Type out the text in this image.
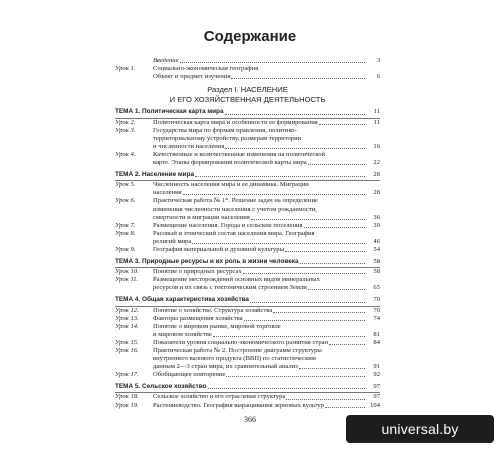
Содержание
Введение	3
Урок 1.	Социально-экономическая география.
Объект и предмет изучения	6
Раздел I. НАСЕЛЕНИЕ
И ЕГО ХОЗЯЙСТВЕННАЯ ДЕЯТЕЛЬНОСТЬ
ТЕМА 1. Политическая карта мира	11
Урок 2.	Политическая карта мира и особенности ее формирования	11
Урок 3.	Государства мира по формам правления, политико-
территориальному устройству, размерам территории
и численности населения	16
Урок 4.	Качественные и количественные изменения на политической
карте. Этапы формирования политической карты мира	22
ТЕМА 2. Население мира	28
Урок 5.	Численность населения мира и ее динамика. Миграции
населения	28
Урок 6.	Практическая работа № 1*. Решение задач на определение
изменения численности населения с учетом рождаемости,
смертности и миграции населения	36
Урок 7.	Размещение населения. Города и сельские поселения	39
Урок 8.	Расовый и этнический состав населения мира. География
религий мира	46
Урок 9.	География материальной и духовной культуры	54
ТЕМА 3. Природные ресурсы и их роль в жизни человека	58
Урок 10.	Понятие о природных ресурсах	58
Урок 11.	Размещение месторождений основных видов минеральных
ресурсов и их связь с тектоническим строением Земли	65
ТЕМА 4. Общая характеристика хозяйства	70
Урок 12.	Понятие о хозяйстве. Структура хозяйства	70
Урок 13.	Факторы размещения хозяйства	74
Урок 14.	Понятие о мировом рынке, мировой торговле
и мировом хозяйстве	81
Урок 15.	Показатели уровня социально-экономического развития стран	84
Урок 16.	Практическая работа № 2. Построение диаграмм структуры
внутреннего валового продукта (ВВП) по статистическим
данным 2—3 стран мира, их сравнительный анализ	91
Урок 17.	Обобщающее повторение	92
ТЕМА 5. Сельское хозяйство	97
Урок 18.	Сельское хозяйство и его отраслевая структура	97
Урок 19.	Растениеводство. География выращивания зерновых культур	104
366
universal.by
